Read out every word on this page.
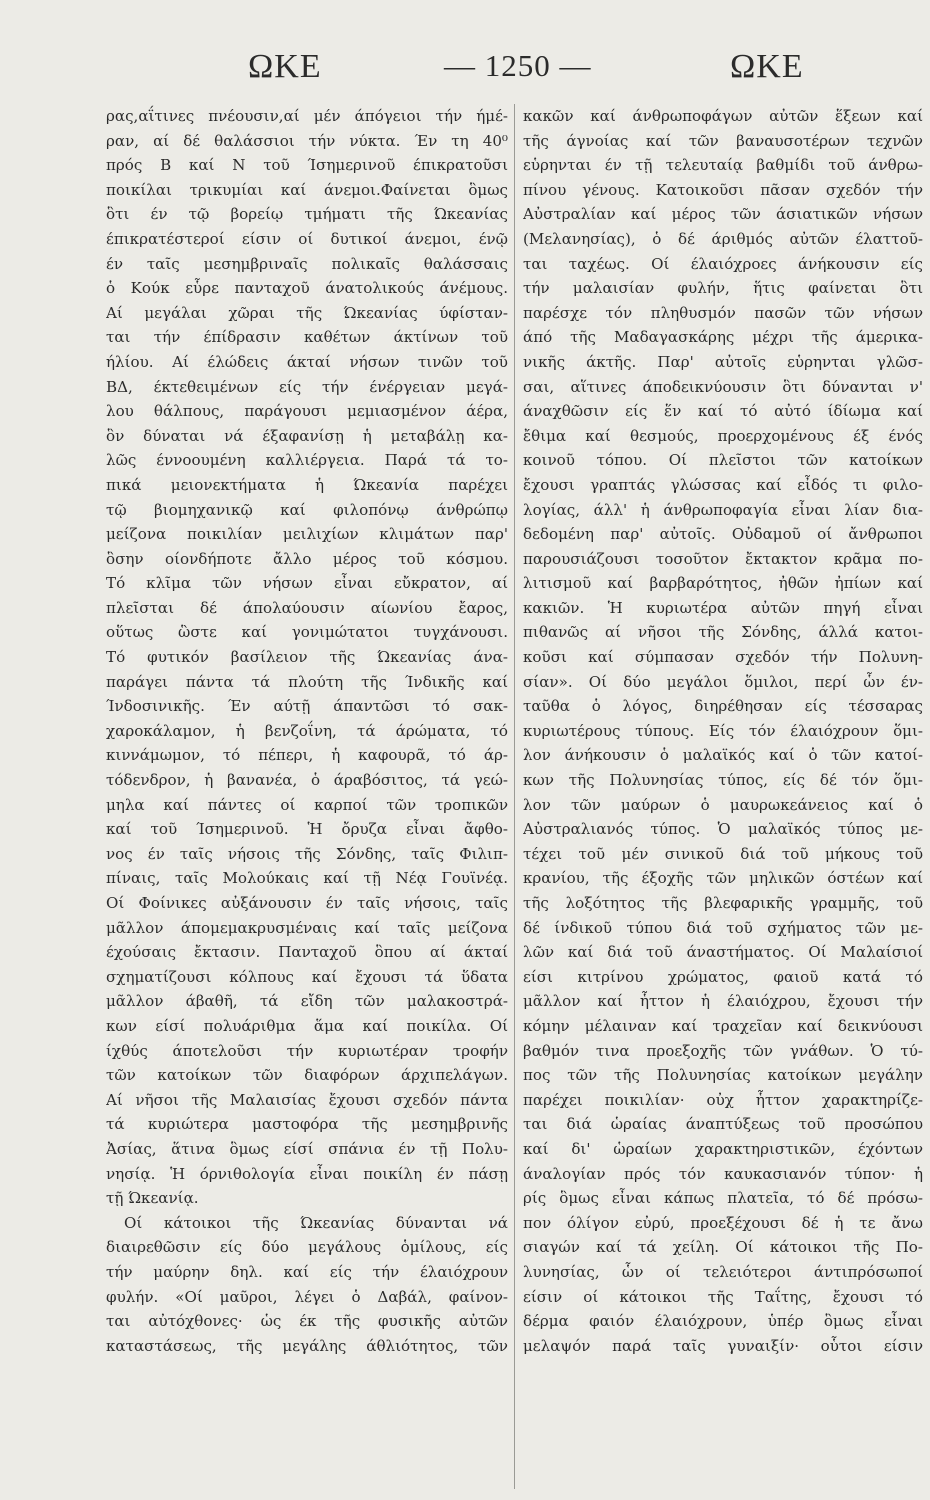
ΩΚΕ	— 1250 —	ΩΚΕ
ρας,αΐτινες πνέουσιν,αί μέν άπόγειοι τήν ήμέ-
ραν, αί δέ θαλάσσιοι τήν νύκτα. Έν τη 40⁰
πρός Β καί Ν τοῦ Ίσημερινοῦ έπικρατοῦσι
ποικίλαι τρικυμίαι καί άνεμοι.Φαίνεται ὃμως
ὃτι έν τῷ βορείῳ τμήματι τῆς Ώκεανίας
έπικρατέστεροί είσιν οί δυτικοί άνεμοι, ένῷ
έν ταῖς μεσημβριναῖς πολικαῖς θαλάσσαις
ὁ Κούκ εὗρε πανταχοῦ άνατολικούς άνέμους.
Αί μεγάλαι χῶραι τῆς Ώκεανίας ύφίσταν-
ται τήν έπίδρασιν καθέτων άκτίνων τοῦ
ήλίου. Αί έλώδεις άκταί νήσων τινῶν τοῦ
ΒΔ, έκτεθειμένων είς τήν ένέργειαν μεγά-
λου θάλπους, παράγουσι μεμιασμένον άέρα,
ὃν δύναται νά έξαφανίσῃ ἡ μεταβάλῃ κα-
λῶς έννοουμένη καλλιέργεια. Παρά τά το-
πικά μειονεκτήματα ἡ Ώκεανία παρέχει
τῷ βιομηχανικῷ καί φιλοπόνῳ άνθρώπῳ
μείζονα ποικιλίαν μειλιχίων κλιμάτων παρ'
ὃσην οίονδήποτε ἄλλο μέρος τοῦ κόσμου.
Τό κλῖμα τῶν νήσων εἶναι εὔκρατον, αί
πλεῖσται δέ άπολαύουσιν αίωνίου ἔαρος,
οὕτως ὣστε καί γονιμώτατοι τυγχάνουσι.
Τό φυτικόν βασίλειον τῆς Ώκεανίας άνα-
παράγει πάντα τά πλούτη τῆς Ίνδικῆς καί
Ίνδοσινικῆς. Έν αύτῇ άπαντῶσι τό σακ-
χαροκάλαμον, ἡ βενζοΐνη, τά άρώματα, τό
κιννάμωμον, τό πέπερι, ἡ καφουρᾶ, τό άρ-
τόδενδρον, ἡ βανανέα, ὁ άραβόσιτος, τά γεώ-
μηλα καί πάντες οί καρποί τῶν τροπικῶν
καί τοῦ Ίσημερινοῦ. Ἡ ὄρυζα εἶναι ἄφθο-
νος έν ταῖς νήσοις τῆς Σόνδης, ταῖς Φιλιπ-
πίναις, ταῖς Μολούκαις καί τῇ Νέᾳ Γουϊνέᾳ.
Οί Φοίνικες αὐξάνουσιν έν ταῖς νήσοις, ταῖς
μᾶλλον άπομεμακρυσμέναις καί ταῖς μείζονα
έχούσαις ἔκτασιν. Πανταχοῦ ὃπου αί άκταί
σχηματίζουσι κόλπους καί ἔχουσι τά ὕδατα
μᾶλλον άβαθῆ, τά εἴδη τῶν μαλακοστρά-
κων είσί πολυάριθμα ἅμα καί ποικίλα. Οί
ίχθύς άποτελοῦσι τήν κυριωτέραν τροφήν
τῶν κατοίκων τῶν διαφόρων άρχιπελάγων.
Αί νῆσοι τῆς Μαλαισίας ἔχουσι σχεδόν πάντα
τά κυριώτερα μαστοφόρα τῆς μεσημβρινῆς
Ἀσίας, ἅτινα ὃμως είσί σπάνια έν τῇ Πολυ-
νησίᾳ. Ἡ όρνιθολογία εἶναι ποικίλη έν πάσῃ
τῇ Ώκεανίᾳ.
Οί κάτοικοι τῆς Ώκεανίας δύνανται νά
διαιρεθῶσιν είς δύο μεγάλους ὁμίλους, είς
τήν μαύρην δηλ. καί είς τήν έλαιόχρουν
φυλήν. «Οί μαῦροι, λέγει ὁ Δαβάλ, φαίνον-
ται αὐτόχθονες· ὡς έκ τῆς φυσικῆς αὐτῶν
καταστάσεως, τῆς μεγάλης άθλιότητος, τῶν
κακῶν καί άνθρωποφάγων αὐτῶν ἕξεων καί
τῆς άγνοίας καί τῶν βαναυσοτέρων τεχνῶν
εὑρηνται έν τῇ τελευταίᾳ βαθμίδι τοῦ άνθρω-
πίνου γένους. Κατοικοῦσι πᾶσαν σχεδόν τήν
Αὐστραλίαν καί μέρος τῶν άσιατικῶν νήσων
(Μελανησίας), ὁ δέ άριθμός αὐτῶν έλαττοῦ-
ται ταχέως. Οί έλαιόχροες άνήκουσιν είς
τήν μαλαισίαν φυλήν, ἥτις φαίνεται ὃτι
παρέσχε τόν πληθυσμόν πασῶν τῶν νήσων
άπό τῆς Μαδαγασκάρης μέχρι τῆς άμερικα-
νικῆς άκτῆς. Παρ' αὐτοῖς εὑρηνται γλῶσ-
σαι, αἵτινες άποδεικνύουσιν ὃτι δύνανται ν'
άναχθῶσιν είς ἕν καί τό αὐτό ίδίωμα καί
ἔθιμα καί θεσμούς, προερχομένους έξ ένός
κοινοῦ τόπου. Οί πλεῖστοι τῶν κατοίκων
ἔχουσι γραπτάς γλώσσας καί εἶδός τι φιλο-
λογίας, άλλ' ἡ άνθρωποφαγία εἶναι λίαν δια-
δεδομένη παρ' αὐτοῖς. Οὐδαμοῦ οί ἄνθρωποι
παρουσιάζουσι τοσοῦτον ἔκτακτον κρᾶμα πο-
λιτισμοῦ καί βαρβαρότητος, ἠθῶν ἠπίων καί
κακιῶν. Ἡ κυριωτέρα αὐτῶν πηγή εἶναι
πιθανῶς αί νῆσοι τῆς Σόνδης, άλλά κατοι-
κοῦσι καί σύμπασαν σχεδόν τήν Πολυνη-
σίαν». Οί δύο μεγάλοι ὅμιλοι, περί ὧν έν-
ταῦθα ὁ λόγος, διηρέθησαν είς τέσσαρας
κυριωτέρους τύπους. Είς τόν έλαιόχρουν ὅμι-
λον άνήκουσιν ὁ μαλαϊκός καί ὁ τῶν κατοί-
κων τῆς Πολυνησίας τύπος, είς δέ τόν ὅμι-
λον τῶν μαύρων ὁ μαυρωκεάνειος καί ὁ
Αὐστραλιανός τύπος. Ὁ μαλαϊκός τύπος με-
τέχει τοῦ μέν σινικοῦ διά τοῦ μήκους τοῦ
κρανίου, τῆς έξοχῆς τῶν μηλικῶν όστέων καί
τῆς λοξότητος τῆς βλεφαρικῆς γραμμῆς, τοῦ
δέ ίνδικοῦ τύπου διά τοῦ σχήματος τῶν με-
λῶν καί διά τοῦ άναστήματος. Οί Μαλαίσιοί
είσι κιτρίνου χρώματος, φαιοῦ κατά τό
μᾶλλον καί ἧττον ἡ έλαιόχρου, ἔχουσι τήν
κόμην μέλαιναν καί τραχεῖαν καί δεικνύουσι
βαθμόν τινα προεξοχῆς τῶν γνάθων. Ὁ τύ-
πος τῶν τῆς Πολυνησίας κατοίκων μεγάλην
παρέχει ποικιλίαν· οὐχ ἧττον χαρακτηρίζε-
ται διά ὡραίας άναπτύξεως τοῦ προσώπου
καί δι' ὡραίων χαρακτηριστικῶν, έχόντων
άναλογίαν πρός τόν καυκασιανόν τύπον· ἡ
ρίς ὃμως εἶναι κάπως πλατεῖα, τό δέ πρόσω-
πον όλίγον εὐρύ, προεξέχουσι δέ ἡ τε ἄνω
σιαγών καί τά χείλη. Οί κάτοικοι τῆς Πο-
λυνησίας, ὧν οί τελειότεροι άντιπρόσωποί
είσιν οί κάτοικοι τῆς Ταΐτης, ἔχουσι τό
δέρμα φαιόν έλαιόχρουν, ὑπέρ ὃμως εἶναι
μελαψόν παρά ταῖς γυναιξίν· οὗτοι είσιν
